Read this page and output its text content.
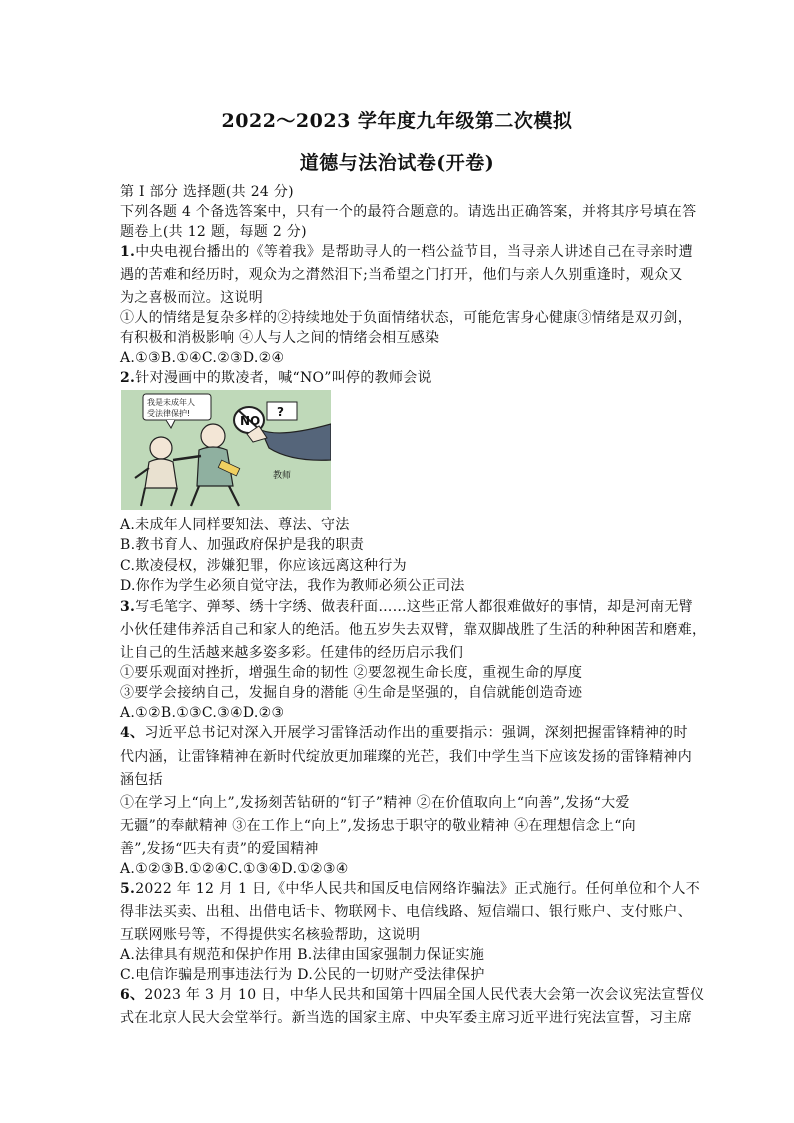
2022～2023 学年度九年级第二次模拟
道德与法治试卷(开卷)
第 I 部分 选择题(共 24 分)
下列各题 4 个备选答案中，只有一个的最符合题意的。请选出正确答案，并将其序号填在答
题卷上(共 12 题，每题 2 分)
1.中央电视台播出的《等着我》是帮助寻人的一档公益节目，当寻亲人讲述自己在寻亲时遭
遇的苦难和经历时，观众为之潸然泪下;当希望之门打开，他们与亲人久别重逢时，观众又
为之喜极而泣。这说明
①人的情绪是复杂多样的②持续地处于负面情绪状态，可能危害身心健康③情绪是双刃剑，
有积极和消极影响 ④人与人之间的情绪会相互感染
A.①③B.①④C.②③D.②④
2.针对漫画中的欺凌者，喊“NO”叫停的教师会说
我是未成年人
受法律保护!
NO
?
教师
A.未成年人同样要知法、尊法、守法
B.教书育人、加强政府保护是我的职责
C.欺凌侵权，涉嫌犯罪，你应该远离这种行为
D.你作为学生必须自觉守法，我作为教师必须公正司法
3.写毛笔字、弹琴、绣十字绣、做表秆面……这些正常人都很难做好的事情，却是河南无臂
小伙任建伟养活自己和家人的绝活。他五岁失去双臂，靠双脚战胜了生活的种种困苦和磨难，
让自己的生活越来越多姿多彩。任建伟的经历启示我们
①要乐观面对挫折，增强生命的韧性 ②要忽视生命长度，重视生命的厚度
③要学会接纳自己，发掘自身的潜能 ④生命是坚强的，自信就能创造奇迹
A.①②B.①③C.③④D.②③
4、习近平总书记对深入开展学习雷锋活动作出的重要指示：强调，深刻把握雷锋精神的时
代内涵，让雷锋精神在新时代绽放更加璀璨的光芒，我们中学生当下应该发扬的雷锋精神内
涵包括
①在学习上“向上”,发扬刻苦钻研的“钉子”精神 ②在价值取向上“向善”,发扬“大爱
无疆”的奉献精神 ③在工作上“向上”,发扬忠于职守的敬业精神 ④在理想信念上“向
善”,发扬“匹夫有责”的爱国精神
A.①②③B.①②④C.①③④D.①②③④
5.2022 年 12 月 1 日,《中华人民共和国反电信网络诈骗法》正式施行。任何单位和个人不
得非法买卖、出租、出借电话卡、物联网卡、电信线路、短信端口、银行账户、支付账户、
互联网账号等，不得提供实名核验帮助，这说明
A.法律具有规范和保护作用 B.法律由国家强制力保证实施
C.电信诈骗是刑事违法行为 D.公民的一切财产受法律保护
6、2023 年 3 月 10 日，中华人民共和国第十四届全国人民代表大会第一次会议宪法宣誓仪
式在北京人民大会堂举行。新当选的国家主席、中央军委主席习近平进行宪法宣誓，习主席
